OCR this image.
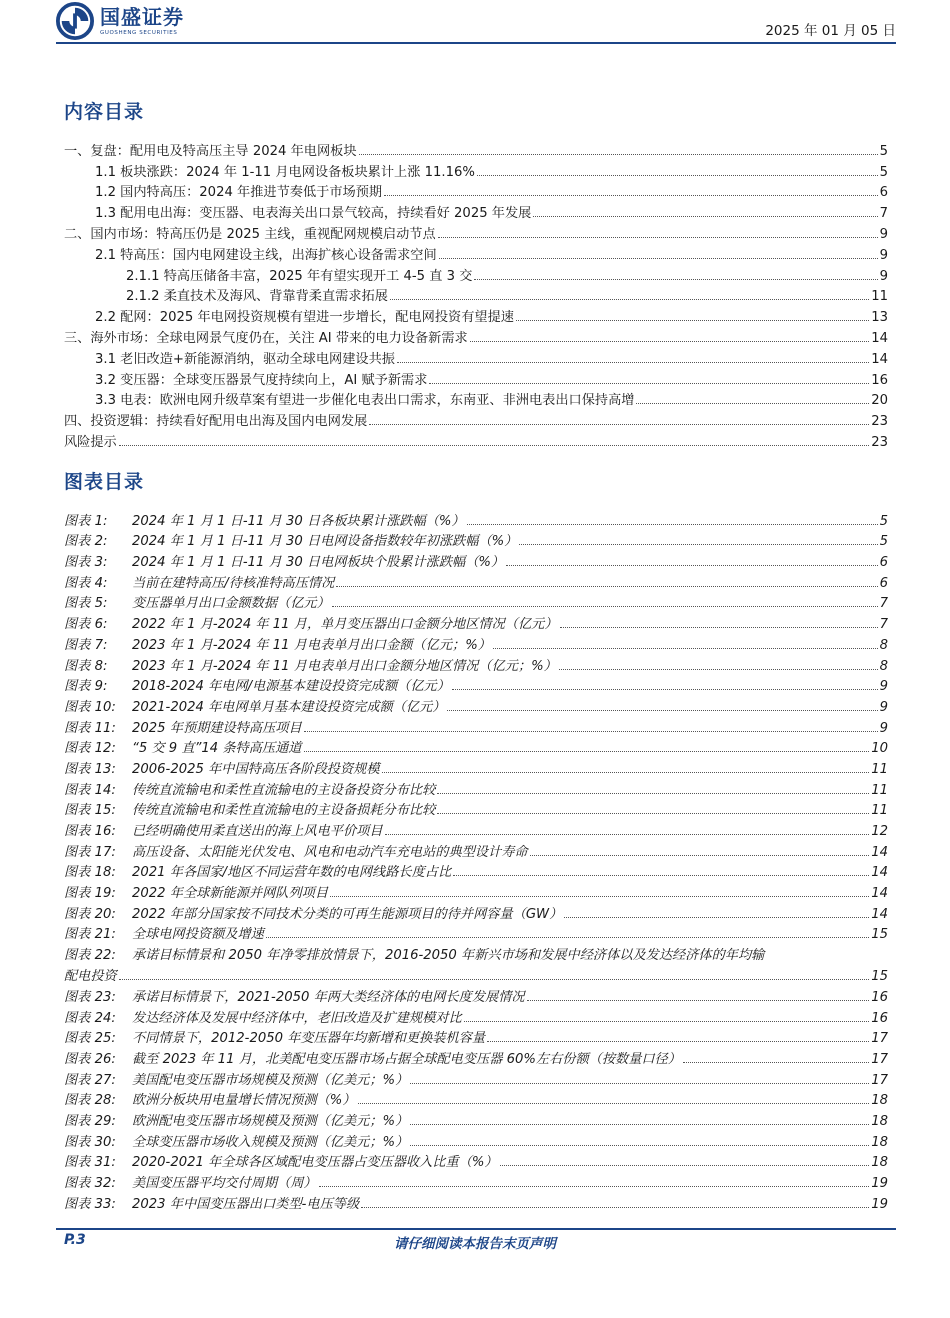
国盛证券
GUOSHENG SECURITIES	2025 年 01 月 05 日
内容目录
一、复盘：配用电及特高压主导 2024 年电网板块	5
1.1 板块涨跌：2024 年 1-11 月电网设备板块累计上涨 11.16%	5
1.2 国内特高压：2024 年推进节奏低于市场预期	6
1.3 配用电出海：变压器、电表海关出口景气较高，持续看好 2025 年发展	7
二、国内市场：特高压仍是 2025 主线，重视配网规模启动节点	9
2.1 特高压：国内电网建设主线，出海扩核心设备需求空间	9
2.1.1 特高压储备丰富，2025 年有望实现开工 4-5 直 3 交	9
2.1.2 柔直技术及海风、背靠背柔直需求拓展	11
2.2 配网：2025 年电网投资规模有望进一步增长，配电网投资有望提速	13
三、海外市场：全球电网景气度仍在，关注 AI 带来的电力设备新需求	14
3.1 老旧改造+新能源消纳，驱动全球电网建设共振	14
3.2 变压器：全球变压器景气度持续向上，AI 赋予新需求	16
3.3 电表：欧洲电网升级草案有望进一步催化电表出口需求，东南亚、非洲电表出口保持高增	20
四、投资逻辑：持续看好配用电出海及国内电网发展	23
风险提示	23
图表目录
图表 1:	2024 年 1 月 1 日-11 月 30 日各板块累计涨跌幅（%）	5
图表 2:	2024 年 1 月 1 日-11 月 30 日电网设备指数较年初涨跌幅（%）	5
图表 3:	2024 年 1 月 1 日-11 月 30 日电网板块个股累计涨跌幅（%）	6
图表 4:	当前在建特高压/待核准特高压情况	6
图表 5:	变压器单月出口金额数据（亿元）	7
图表 6:	2022 年 1 月-2024 年 11 月，单月变压器出口金额分地区情况（亿元）	7
图表 7:	2023 年 1 月-2024 年 11 月电表单月出口金额（亿元；%）	8
图表 8:	2023 年 1 月-2024 年 11 月电表单月出口金额分地区情况（亿元；%）	8
图表 9:	2018-2024 年电网/电源基本建设投资完成额（亿元）	9
图表 10:	2021-2024 年电网单月基本建设投资完成额（亿元）	9
图表 11:	2025 年预期建设特高压项目	9
图表 12:	“5 交 9 直”14 条特高压通道	10
图表 13:	2006-2025 年中国特高压各阶段投资规模	11
图表 14:	传统直流输电和柔性直流输电的主设备投资分布比较	11
图表 15:	传统直流输电和柔性直流输电的主设备损耗分布比较	11
图表 16:	已经明确使用柔直送出的海上风电平价项目	12
图表 17:	高压设备、太阳能光伏发电、风电和电动汽车充电站的典型设计寿命	14
图表 18:	2021 年各国家/地区不同运营年数的电网线路长度占比	14
图表 19:	2022 年全球新能源并网队列项目	14
图表 20:	2022 年部分国家按不同技术分类的可再生能源项目的待并网容量（GW）	14
图表 21:	全球电网投资额及增速	15
图表 22:	承诺目标情景和 2050 年净零排放情景下，2016-2050 年新兴市场和发展中经济体以及发达经济体的年均输
配电投资	15
图表 23:	承诺目标情景下，2021-2050 年两大类经济体的电网长度发展情况	16
图表 24:	发达经济体及发展中经济体中，老旧改造及扩建规模对比	16
图表 25:	不同情景下，2012-2050 年变压器年均新增和更换装机容量	17
图表 26:	截至 2023 年 11 月，北美配电变压器市场占据全球配电变压器 60%左右份额（按数量口径）	17
图表 27:	美国配电变压器市场规模及预测（亿美元；%）	17
图表 28:	欧洲分板块用电量增长情况预测（%）	18
图表 29:	欧洲配电变压器市场规模及预测（亿美元；%）	18
图表 30:	全球变压器市场收入规模及预测（亿美元；%）	18
图表 31:	2020-2021 年全球各区域配电变压器占变压器收入比重（%）	18
图表 32:	美国变压器平均交付周期（周）	19
图表 33:	2023 年中国变压器出口类型-电压等级	19
P.3	请仔细阅读本报告末页声明
